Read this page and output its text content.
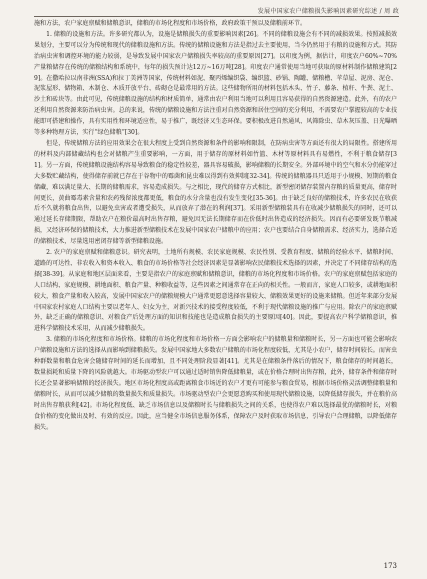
发展中国家农户储粮损失影响因素研究综述 / 周 政

施和方法，农户家庭禀赋和储粮意识，储粮的市场化程度和市场价格，政府政策干预以及储粮前环节。

1. 储粮的设施和方法。许多研究都认为，设施是储粮损失的重要影响因素[26]。不同的储粮设施会有不同的减损效果。按照减损效果划分，主要可以分为传统和现代的储粮设施和方法。传统的储粮设施和方法是指过去主要使用，当今仍然用于有粮的设施和方式。其防治病虫害和调控环境的能力较弱，是导致发展中国家农户储粮损失率较高的重要原因[27]。以印度为例，据估计，印度农户60%~70%产量粮储存在传统的储粮结构和系统中，每年的损失预计达12万~16万吨[28]。印度农户通常使用当地可获取的原材料制作储粮建筑[29]。在撒哈拉以南非洲(SSA)和拉丁美洲等国家，传统材料如泥、聚丙烯编织袋、编织篮、砂锅、陶罐、储粮槽、苹草屋、泥房、泥仓、泥浆屋形、储物箱、木制仓、木质开放平台、砖砌仓是最常用的方法。这些储物所用的材料包括木头、竹子、藤条、植秆、牛粪、泥土、沙土和砖块等。由此可见，传统储粮设施的结构和材质简单，通常由农户利用当地可以利用且容易获得的自然资源建造。此外，有的农户还利用自然资源来防治病虫害。总的来说，传统的储粮设施和方法注重对自然资源和居住空间的充分利用，不需要农户掌握较高的专业技能即可搭建和操作，具有实用性和环境适应性，易于推广，既经济又生态环保。要积极改进自然通风、风筛除虫、草木灰压盖、日光曝晒等多种物理方法，实行“绿色储粮”[30]。

但是，传统储粮方法的应用效果会在很大程度上受到自然资源和条件的影响和限制，在防病虫害等方面还有很大的局限性。搭建所用的材料及内部储藏结构也会对储粮产生重要影响，一方面，用于储存的原材料如竹篮、木材等原材料具有易燃性，不利于粮食储存[31]。另一方面，传统储粮设施结构容易导致粮食的稳定性较差，器具容易破损，影响储粮的长期安全。外部环境中的空气和水分仍能穿过大多数贮藏结构，使得储存前就已存在于谷物中的霉菌和昆虫难以得到有效抑制[32-34]。传统的储粮器具只适用于小规模、短期的粮食储藏，难以满足量大、长期的储粮需求，容易造成损失。与之相比，现代的储存方式相比，新型密闭储存装置内存粮的质量更高，储存时间更长，黄曲霉毒素含量和农药残留浓度都更低，粮食的水分含量也没有发生变化[35-36]。由于缺乏良好的储粮技术，许多农民在收获后不久就将粮食出售，以避免虫害或者遭受损失，从而放弃了潜在的利润[37]。采用新型储粮装具有在收减少储粮损失的同时，还可以通过延长存储期限，帮助农户在粮价最高时出售存粮，避免因无法长期储存而在价低时出售造成的经济损失。因而有必要研发既节粮减损，又经济环保的储粮技术，大力推进新型储粮技术在发展中国家农户储粮中的应用；农户也要结合自身储粮需求、经济实力，选择合适的储粮技术，尽量选用密闭存储等新型储粮设施。

2. 农户的家庭禀赋和储粮意识。研究表明，土地所有规模、农民家庭规模、农民性别、受教育程度、储粮的经验水平、储粮时间、道路的可达性、非农收入和资本收入、粮食的市场价格等社会经济因素是显著影响农民储粮技术选择的因素，并决定了不同储存结构的选择[38-39]。从家庭和地区层面来看，主要是指农户的家庭禀赋和储粮意识，储粮的市场化程度和市场价格。农户的家庭禀赋包括家庭的人口结构、家庭规模、耕地面积、粮食产量、种粮收益等，这些因素之间通常存在正向的相关性。一般而言，家庭人口较多，或耕地面积较大，粮食产量和收入较高，发展中国家农户的储粮规模大户通常更愿意选择容量较大、储粮效果更好的设施来储粮。但近年来部分发展中国家农村家庭人口结构主要以老年人、妇女为主，对新兴技术的接受程度较低，不利于现代储粮设施的推广与应用。除农户的家庭禀赋外，缺乏正确的储粮意识、对粮食产后处理方面的知识和技能也是造成粮食损失的主要原因[40]。因此，要提高农户科学储粮意识，推进科学储粮技术采用，从而减少储粮损失。

3. 储粮的市场化程度和市场价格。储粮的市场化程度和市场价格一方面会影响农户的储粮量和储粮时长，另一方面也可能会影响农户储粮设施和方法的选择从而影响到储粮损失。发展中国家地大多数农户储粮的市场化程度较低，尤其是小农户，储存时间较长。而害虫种群数量和粮食危害会随储存时间的延长而增加，且不同处理阶段显著[41]。尤其是在储粮条件落后的情况下，粮食储存的时间越长，数量损耗和质量下降的风险就越大。市场驱动型农户可以通过适时销售降低储粮量，或在价格合理时出售存粮，此外，储存条件和储存时长还会显著影响储粮的经济损失。地区市场化程度高或距离粮食市场近的农户才更有可能参与粮食贸易，根据市场价格灵活调整储粮量和储粮时长，从而可以减少储粮的数量损失和质量损失。市场驱动型农户会更愿意购买和使用现代储粮设施，以降低储存损失，并在粮价高时出售存粮获利[42]。市场化程度低、缺乏市场信息以及储粮时长与储粮损失之间的关系，也使得农户难以选择最优的储粮时长，对粮食价格的变化做出及时、有效的反应。因此，应当健全市场信息服务体系，保障农户及时获取市场信息，引导农户合理储粮，以降低储存损失。

173
